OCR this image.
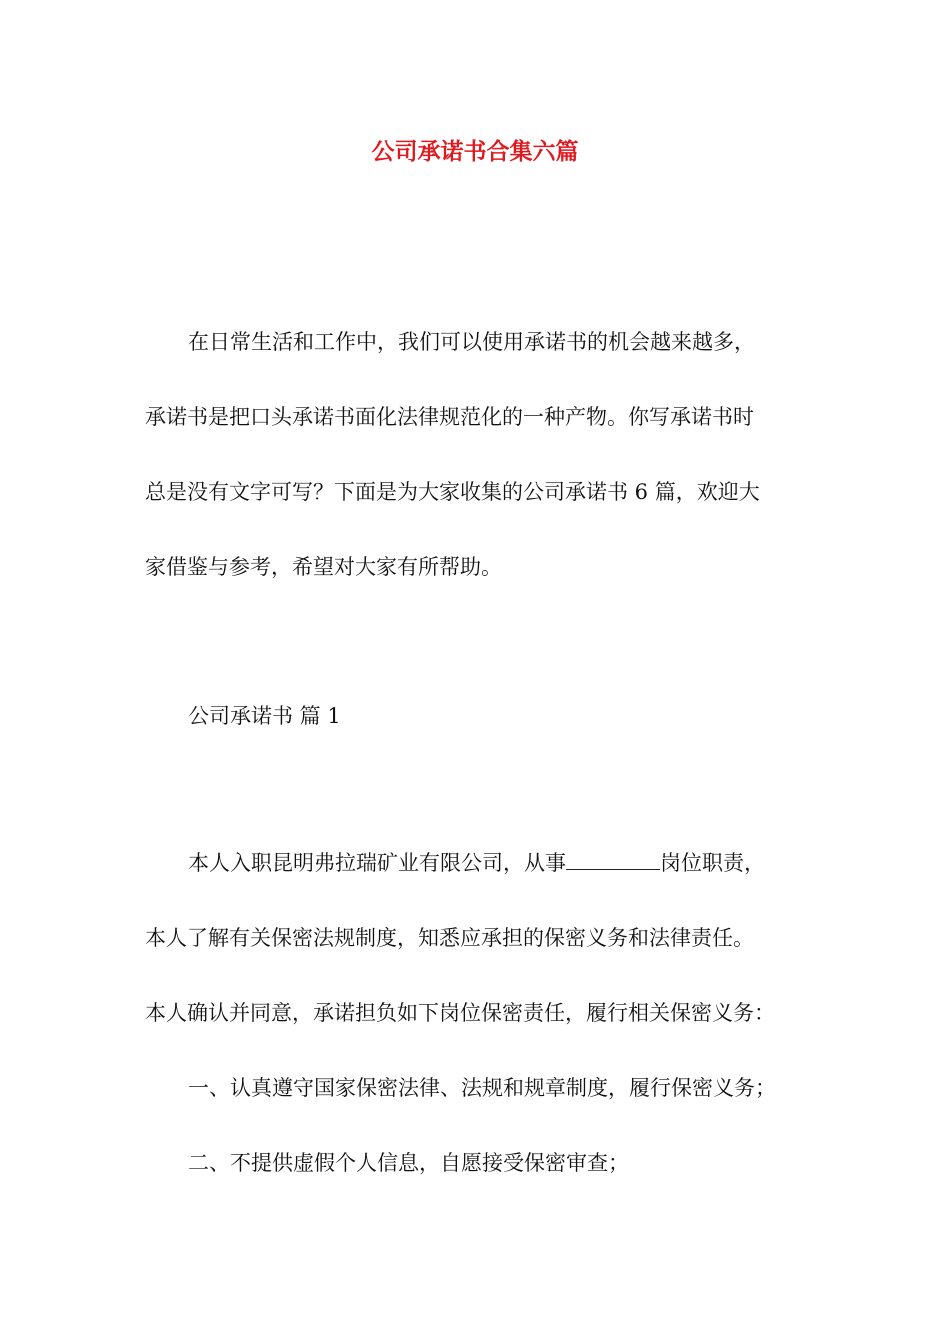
公司承诺书合集六篇
在日常生活和工作中，我们可以使用承诺书的机会越来越多，
承诺书是把口头承诺书面化法律规范化的一种产物。你写承诺书时
总是没有文字可写？下面是为大家收集的公司承诺书 6 篇，欢迎大
家借鉴与参考，希望对大家有所帮助。
公司承诺书 篇 1
本人入职昆明弗拉瑞矿业有限公司，从事	岗位职责，
本人了解有关保密法规制度，知悉应承担的保密义务和法律责任。
本人确认并同意，承诺担负如下岗位保密责任，履行相关保密义务：
一、认真遵守国家保密法律、法规和规章制度，履行保密义务；
二、不提供虚假个人信息，自愿接受保密审查；
